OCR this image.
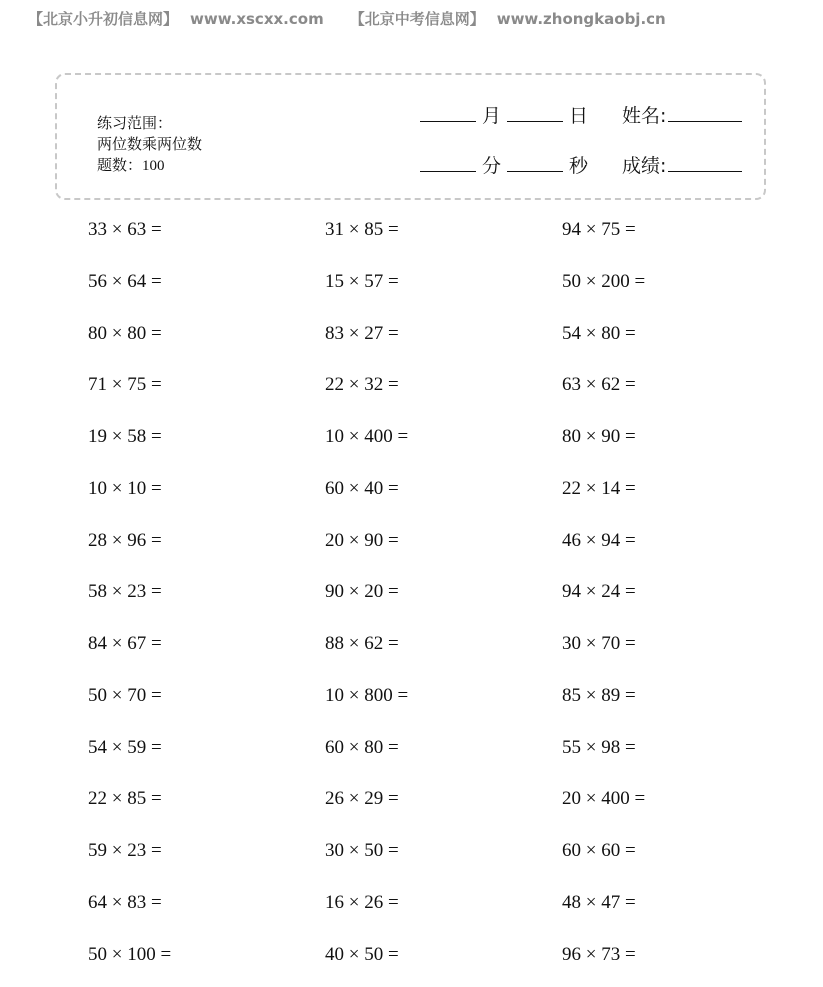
【北京小升初信息网】 www.xscxx.com 【北京中考信息网】 www.zhongkaobj.cn
练习范围：
两位数乘两位数
题数：100
月	日 姓名:
分	秒 成绩:
33 × 63 =	31 × 85 =	94 × 75 =
56 × 64 =	15 × 57 =	50 × 200 =
80 × 80 =	83 × 27 =	54 × 80 =
71 × 75 =	22 × 32 =	63 × 62 =
19 × 58 =	10 × 400 =	80 × 90 =
10 × 10 =	60 × 40 =	22 × 14 =
28 × 96 =	20 × 90 =	46 × 94 =
58 × 23 =	90 × 20 =	94 × 24 =
84 × 67 =	88 × 62 =	30 × 70 =
50 × 70 =	10 × 800 =	85 × 89 =
54 × 59 =	60 × 80 =	55 × 98 =
22 × 85 =	26 × 29 =	20 × 400 =
59 × 23 =	30 × 50 =	60 × 60 =
64 × 83 =	16 × 26 =	48 × 47 =
50 × 100 =	40 × 50 =	96 × 73 =
